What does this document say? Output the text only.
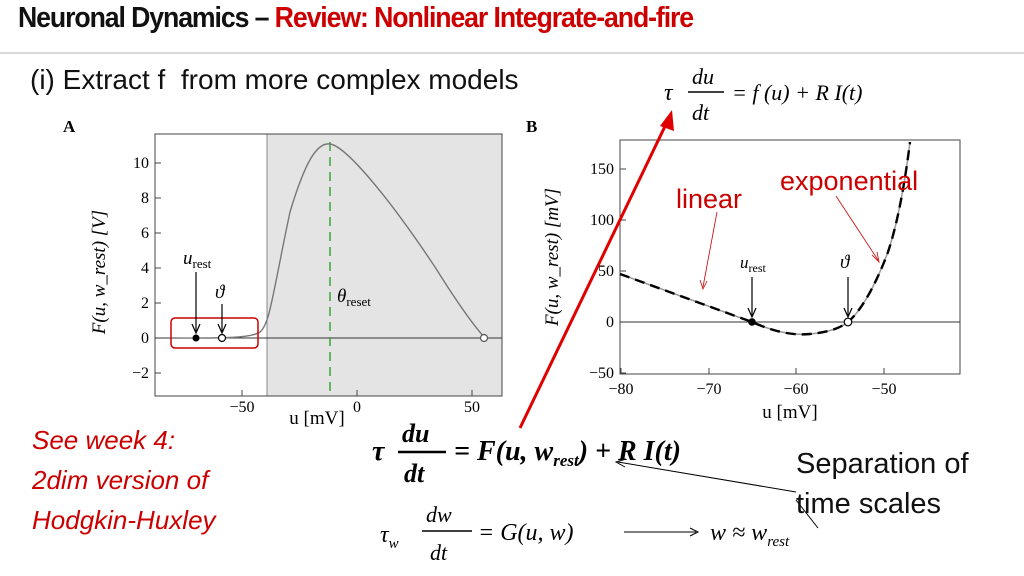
Neuronal Dynamics – Review: Nonlinear Integrate-and-fire
(i) Extract f  from more complex models	τ
du
dt
= f (u) + R I(t)
A
10
8
6
4
2
0
−2
−50	0	50
$u_{rest}$
ϑ	$\theta_{reset}$
F(u, w_rest) [V]
u [mV]
B
150
100
50
0
−50
−80	−70	−60	−50
$u_{rest}$	ϑ
linear
exponential
F(u, w_rest) [mV]
u [mV]
See week 4:
2dim version of
Hodgkin-Huxley
Separation of
time scales
τ
du
dt
= F(u, $w_{rest}) + R$ I(t)
$\tau_w$
dw
dt
= G(u, w)	$w \approx w_{rest}$
